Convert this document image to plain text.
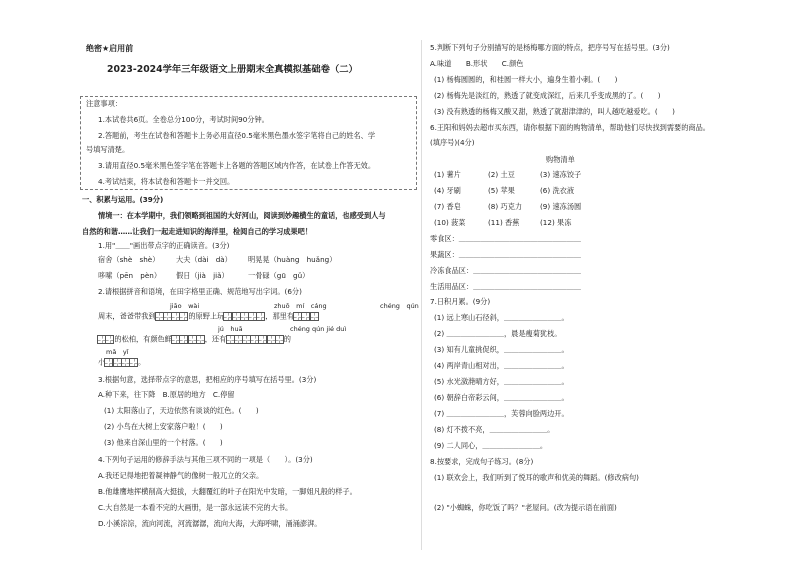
绝密★启用前
2023-2024学年三年级语文上册期末全真模拟基础卷（二）
注意事项：
1.本试卷共6页。全卷总分100分，考试时间90分钟。
2.答题前，考生在试卷和答题卡上务必用直径0.5毫米黑色墨水签字笔将自己的姓名、学
号填写清楚。
3.请用直径0.5毫米黑色签字笔在答题卡上各题的答题区域内作答，在试卷上作答无效。
4.考试结束，将本试卷和答题卡一并交回。
一、积累与运用。(39分)
情境一：在本学期中，我们领略到祖国的大好河山，阅读到妙趣横生的童话，也感受到人与
自然的和谐……让我们一起走进知识的海洋里，检阅自己的学习成果吧！
1.用"＿＿"画出带点字的正确读音。(3分)
宿舍（shè　shè） 大夫（dài　dà） 明晃晃（huàng　huǎng）
哆嗦（pēn　pèn） 假日（jià　jiǎ）	一骨碌（gū　gǔ）
2.请根据拼音和语境，在田字格里正确、规范地写出字词。(6分)
jiāo　wài	zhuō　mí　cáng	chéng　qún
周末，爸爸带我到	的原野上玩	，那里有
jú　huā	chéng qún jié duì
的松柏，有颜色鲜	，还有	的
mǎ　yǐ
小	。
3.根据句意，选择带点字的意思，把相应的序号填写在括号里。(3分)
A.种下来，往下降　B.原居的地方　C.停留
(1) 太阳落山了，天边依然有谈谈的红色。(　　)
(2) 小鸟在大树上安家落户啦！(　　)
(3) 他来自深山里的一个村落。(　　)
4.下列句子运用的修辞手法与其他三项不同的一项是（　　）。(3分)
A.我还记得地把着凝神静气的像树一般兀立的父亲。
B.他雄鹰地挥横削高大挺拔，大翻覆红的叶子在阳光中发暗，一脚姐凡般的样子。
C.大自然是一本看不完的大画册，是一部永远读不完的大书。
D.小溪淙淙，流向河流，河流潺潺，流向大海，大海呼啸，涌涌澎湃。
5.判断下列句子分别描写的是杨梅哪方面的特点，把序号写在括号里。(3分)
A.味道　　B.形状　　C.颜色
(1) 杨梅圆圆的，和桂圆一样大小，遍身生着小刺。(　　)
(2) 杨梅先是淡红的，熟透了就变成深红，后来几乎变成黑的了。(　　)
(3) 没有熟透的杨梅又酸又甜，熟透了就甜津津的，叫人越吃越爱吃。(　　)
6.王阳和妈妈去超市买东西，请你根据下面的购物清单，帮助他们尽快找到需要的商品。
(填序号)(4分)
购物清单
(1) 薯片	(2) 土豆	(3) 速冻饺子
(4) 牙刷	(5) 苹果	(6) 洗衣液
(7) 香皂	(8) 巧克力 (9) 速冻汤圆
(10) 菠菜	(11) 香蕉	(12) 果冻
零食区：＿＿＿＿＿＿＿＿＿＿＿＿＿＿＿＿＿
果蔬区：＿＿＿＿＿＿＿＿＿＿＿＿＿＿＿＿＿
冷冻食品区：＿＿＿＿＿＿＿＿＿＿＿＿＿＿＿
生活用品区：＿＿＿＿＿＿＿＿＿＿＿＿＿＿＿
7.日积月累。(9分)
(1) 远上寒山石径斜，＿＿＿＿＿＿＿＿。
(2) ＿＿＿＿＿＿＿＿，晨是瘦菊犹枝。
(3) 知有儿童挑促织，＿＿＿＿＿＿＿＿。
(4) 两岸青山相对出，＿＿＿＿＿＿＿＿。
(5) 水光潋滟晴方好，＿＿＿＿＿＿＿＿。
(6) 朝辞白帝彩云间，＿＿＿＿＿＿＿＿。
(7) ＿＿＿＿＿＿＿＿，芙蓉向脸两边开。
(8) 灯不拨不亮，＿＿＿＿＿＿＿＿。
(9) 二人同心，＿＿＿＿＿＿＿＿。
8.按要求，完成句子练习。(8分)
(1) 联欢会上，我们听到了悦耳的歌声和优美的舞蹈。(修改病句)
(2) "小蜘蛛，你吃饭了吗？"老屋问。(改为提示语在前面)
